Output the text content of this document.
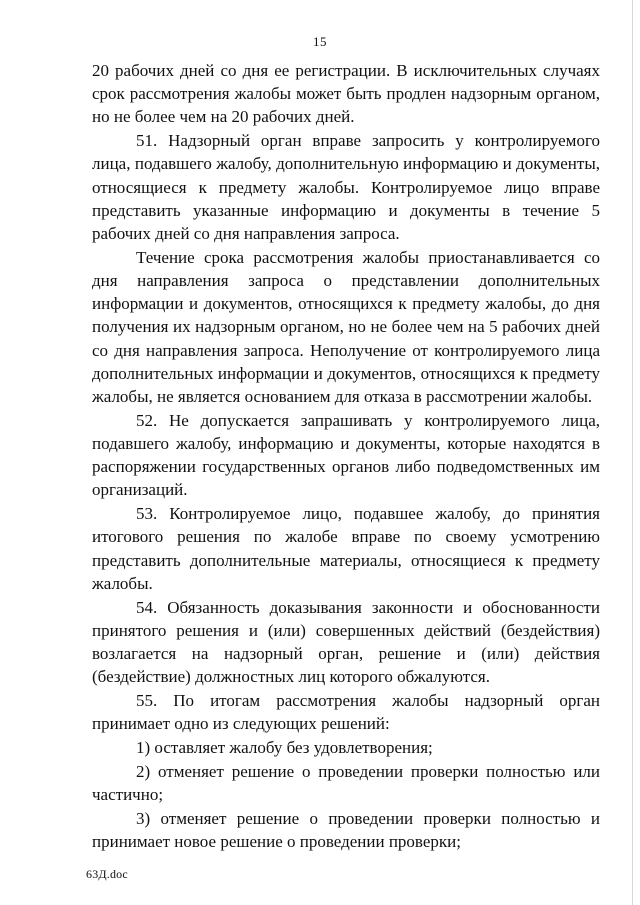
15

20 рабочих дней со дня ее регистрации. В исключительных случаях срок рассмотрения жалобы может быть продлен надзорным органом, но не более чем на 20 рабочих дней.

51. Надзорный орган вправе запросить у контролируемого лица, подавшего жалобу, дополнительную информацию и документы, относящиеся к предмету жалобы. Контролируемое лицо вправе представить указанные информацию и документы в течение 5 рабочих дней со дня направления запроса.

Течение срока рассмотрения жалобы приостанавливается со дня направления запроса о представлении дополнительных информации и документов, относящихся к предмету жалобы, до дня получения их надзорным органом, но не более чем на 5 рабочих дней со дня направления запроса. Неполучение от контролируемого лица дополнительных информации и документов, относящихся к предмету жалобы, не является основанием для отказа в рассмотрении жалобы.

52. Не допускается запрашивать у контролируемого лица, подавшего жалобу, информацию и документы, которые находятся в распоряжении государственных органов либо подведомственных им организаций.

53. Контролируемое лицо, подавшее жалобу, до принятия итогового решения по жалобе вправе по своему усмотрению представить дополнительные материалы, относящиеся к предмету жалобы.

54. Обязанность доказывания законности и обоснованности принятого решения и (или) совершенных действий (бездействия) возлагается на надзорный орган, решение и (или) действия (бездействие) должностных лиц которого обжалуются.

55. По итогам рассмотрения жалобы надзорный орган принимает одно из следующих решений:

1) оставляет жалобу без удовлетворения;

2) отменяет решение о проведении проверки полностью или частично;

3) отменяет решение о проведении проверки полностью и принимает новое решение о проведении проверки;

63Д.doc
